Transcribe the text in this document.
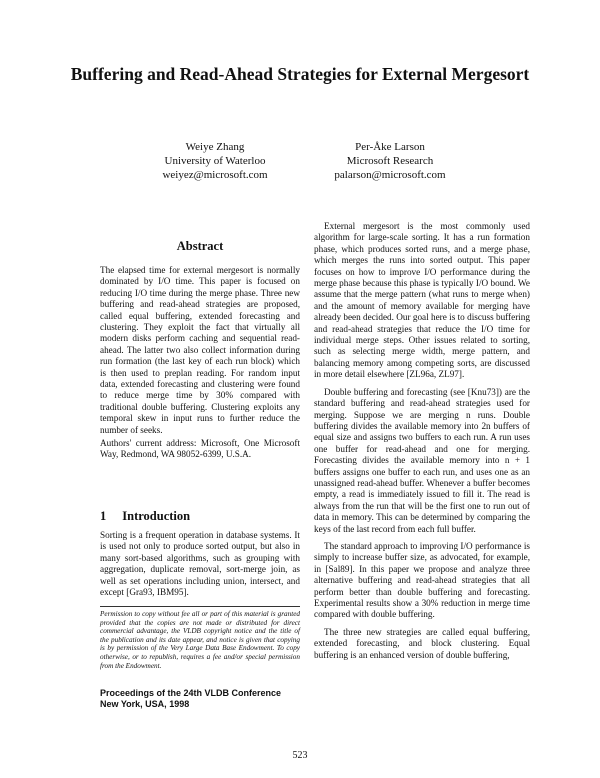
Buffering and Read-Ahead Strategies for External Mergesort
Weiye Zhang
University of Waterloo
weiyez@microsoft.com
Per-Åke Larson
Microsoft Research
palarson@microsoft.com
Abstract
The elapsed time for external mergesort is normally dominated by I/O time. This paper is focused on reducing I/O time during the merge phase. Three new buffering and read-ahead strategies are proposed, called equal buffering, extended forecasting and clustering. They exploit the fact that virtually all modern disks perform caching and sequential read-ahead. The latter two also collect information during run formation (the last key of each run block) which is then used to preplan reading. For random input data, extended forecasting and clustering were found to reduce merge time by 30% compared with traditional double buffering. Clustering exploits any temporal skew in input runs to further reduce the number of seeks.
Authors' current address: Microsoft, One Microsoft Way, Redmond, WA 98052-6399, U.S.A.
1 Introduction
Sorting is a frequent operation in database systems. It is used not only to produce sorted output, but also in many sort-based algorithms, such as grouping with aggregation, duplicate removal, sort-merge join, as well as set operations including union, intersect, and except [Gra93, IBM95].
Permission to copy without fee all or part of this material is granted provided that the copies are not made or distributed for direct commercial advantage, the VLDB copyright notice and the title of the publication and its date appear, and notice is given that copying is by permission of the Very Large Data Base Endowment. To copy otherwise, or to republish, requires a fee and/or special permission from the Endowment.
Proceedings of the 24th VLDB Conference
New York, USA, 1998

External mergesort is the most commonly used algorithm for large-scale sorting. It has a run formation phase, which produces sorted runs, and a merge phase, which merges the runs into sorted output. This paper focuses on how to improve I/O performance during the merge phase because this phase is typically I/O bound. We assume that the merge pattern (what runs to merge when) and the amount of memory available for merging have already been decided. Our goal here is to discuss buffering and read-ahead strategies that reduce the I/O time for individual merge steps. Other issues related to sorting, such as selecting merge width, merge pattern, and balancing memory among competing sorts, are discussed in more detail elsewhere [ZL96a, ZL97].

Double buffering and forecasting (see [Knu73]) are the standard buffering and read-ahead strategies used for merging. Suppose we are merging n runs. Double buffering divides the available memory into 2n buffers of equal size and assigns two buffers to each run. A run uses one buffer for read-ahead and one for merging. Forecasting divides the available memory into n + 1 buffers assigns one buffer to each run, and uses one as an unassigned read-ahead buffer. Whenever a buffer becomes empty, a read is immediately issued to fill it. The read is always from the run that will be the first one to run out of data in memory. This can be determined by comparing the keys of the last record from each full buffer.

The standard approach to improving I/O performance is simply to increase buffer size, as advocated, for example, in [Sal89]. In this paper we propose and analyze three alternative buffering and read-ahead strategies that all perform better than double buffering and forecasting. Experimental results show a 30% reduction in merge time compared with double buffering.

The three new strategies are called equal buffering, extended forecasting, and block clustering. Equal buffering is an enhanced version of double buffering,

523
